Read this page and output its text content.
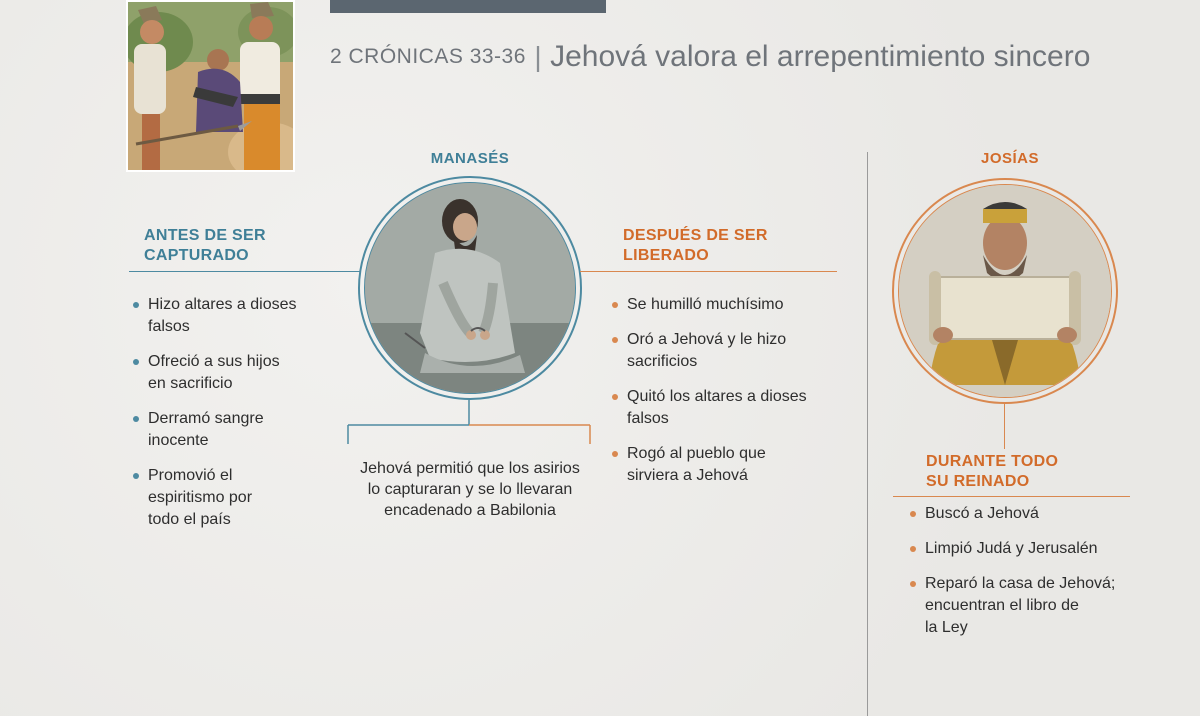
2 CRÓNICAS 33-36 | Jehová valora el arrepentimiento sincero
MANASÉS
ANTES DE SER
CAPTURADO
Hizo altares a dioses
falsos
Ofreció a sus hijos
en sacrificio
Derramó sangre
inocente
Promovió el
espiritismo por
todo el país
DESPUÉS DE SER
LIBERADO
Se humilló muchísimo
Oró a Jehová y le hizo
sacrificios
Quitó los altares a dioses
falsos
Rogó al pueblo que
sirviera a Jehová
Jehová permitió que los asirios
lo capturaran y se lo llevaran
encadenado a Babilonia
JOSÍAS
DURANTE TODO
SU REINADO
Buscó a Jehová
Limpió Judá y Jerusalén
Reparó la casa de Jehová;
encuentran el libro de
la Ley
